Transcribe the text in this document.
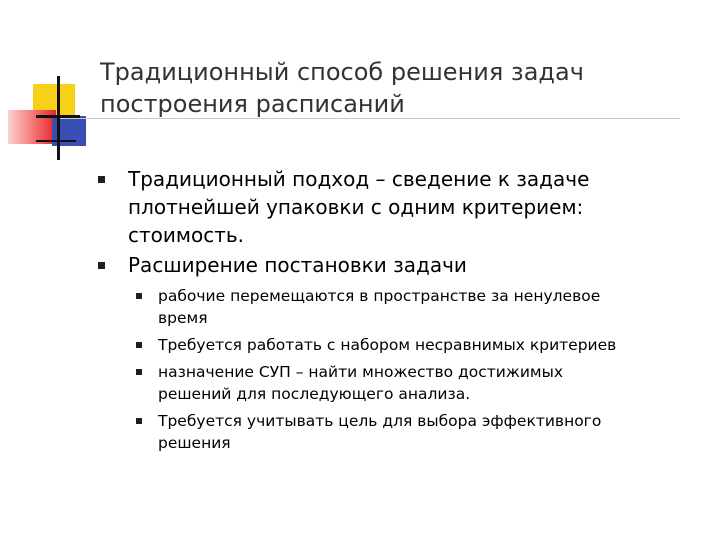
Традиционный способ решения задач
построения расписаний
Традиционный подход – сведение к задаче
плотнейшей упаковки с одним критерием:
стоимость.
Расширение постановки задачи
рабочие перемещаются в пространстве за ненулевое
время
Требуется работать с набором несравнимых критериев
назначение СУП – найти множество достижимых
решений для последующего анализа.
Требуется учитывать цель для выбора эффективного
решения
